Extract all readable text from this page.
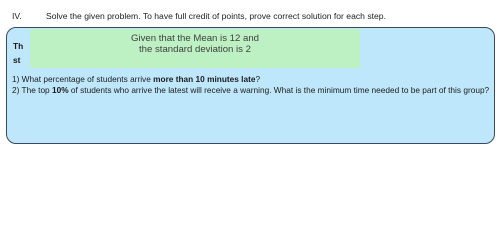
IV.	Solve the given problem. To have full credit of points, prove correct solution for each step.
Th
st
Given that the Mean is 12 and
the standard deviation is 2
1) What percentage of students arrive more than 10 minutes late?
2) The top 10% of students who arrive the latest will receive a warning. What is the minimum time needed to be part of this group?
